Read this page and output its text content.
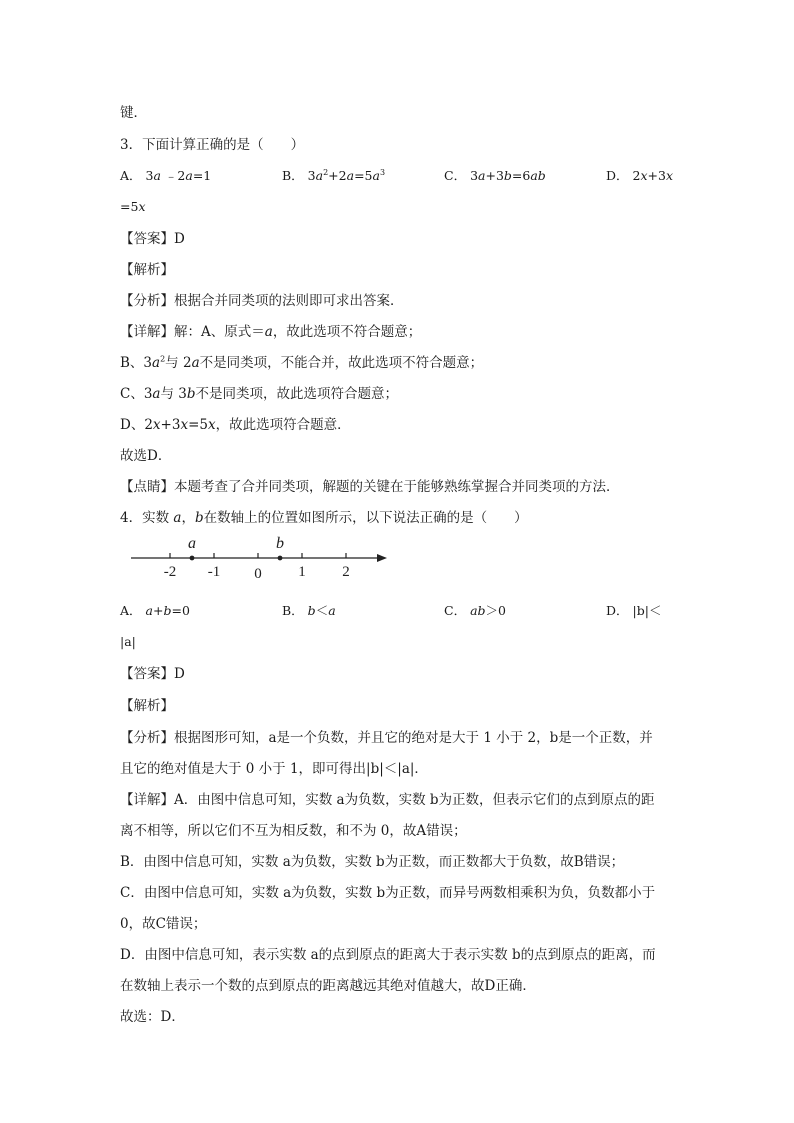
键．
3．下面计算正确的是（　　）
A． 3a ﹣2a=1	B． $3a^2+2a=5a^3$	C． 3a+3b=6ab	D． 2x+3x
=5x
【答案】D
【解析】
【分析】根据合并同类项的法则即可求出答案．
【详解】解：A、原式＝a，故此选项不符合题意；
B、$3a^2$与 2a不是同类项，不能合并，故此选项不符合题意；
C、3a与 3b不是同类项，故此选项符合题意；
D、2x+3x=5x，故此选项符合题意．
故选D．
【点睛】本题考查了合并同类项，解题的关键在于能够熟练掌握合并同类项的方法．
4．实数 a，b在数轴上的位置如图所示，以下说法正确的是（　　）
-2 -1 0 1 2
a	b
A． a+b=0	B． b＜a	C． ab＞0	D． |b|＜
|a|
【答案】D
【解析】
【分析】根据图形可知，a是一个负数，并且它的绝对是大于 1 小于 2，b是一个正数，并
且它的绝对值是大于 0 小于 1，即可得出|b|＜|a|．
【详解】A．由图中信息可知，实数 a为负数，实数 b为正数，但表示它们的点到原点的距
离不相等，所以它们不互为相反数，和不为 0，故A错误；
B．由图中信息可知，实数 a为负数，实数 b为正数，而正数都大于负数，故B错误；
C．由图中信息可知，实数 a为负数，实数 b为正数，而异号两数相乘积为负，负数都小于
0，故C错误；
D．由图中信息可知，表示实数 a的点到原点的距离大于表示实数 b的点到原点的距离，而
在数轴上表示一个数的点到原点的距离越远其绝对值越大，故D正确．
故选：D．
